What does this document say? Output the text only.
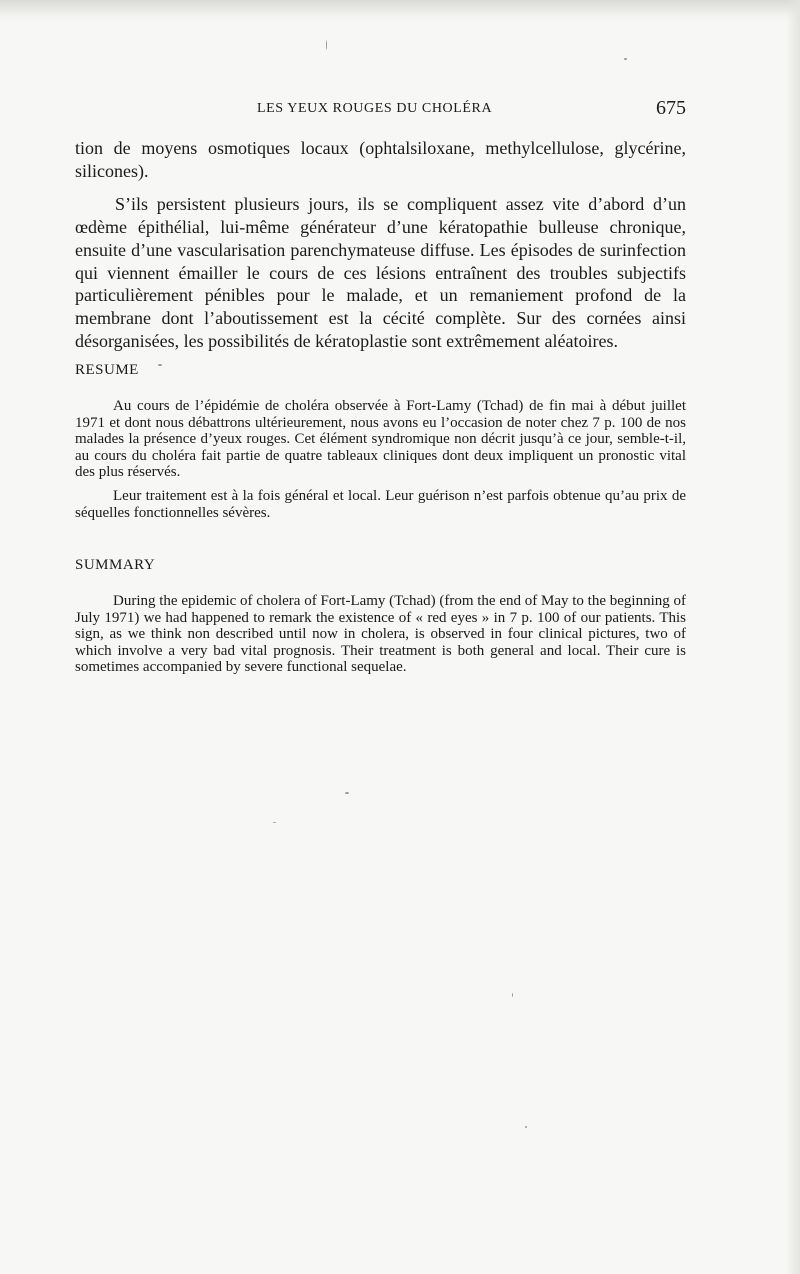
LES YEUX ROUGES DU CHOLÉRA	675

tion de moyens osmotiques locaux (ophtalsiloxane, methylcellulose, glycérine, silicones).

S’ils persistent plusieurs jours, ils se compliquent assez vite d’abord d’un œdème épithélial, lui-même générateur d’une kératopathie bulleuse chronique, ensuite d’une vascularisation parenchymateuse diffuse. Les épisodes de surinfection qui viennent émailler le cours de ces lésions entraînent des troubles subjectifs particulièrement pénibles pour le malade, et un remaniement profond de la membrane dont l’aboutissement est la cécité complète. Sur des cornées ainsi désorganisées, les possibilités de kératoplastie sont extrêmement aléatoires.

RESUME

Au cours de l’épidémie de choléra observée à Fort-Lamy (Tchad) de fin mai à début juillet 1971 et dont nous débattrons ultérieurement, nous avons eu l’occasion de noter chez 7 p. 100 de nos malades la présence d’yeux rouges. Cet élément syndromique non décrit jusqu’à ce jour, semble-t-il, au cours du choléra fait partie de quatre tableaux cliniques dont deux impliquent un pronostic vital des plus réservés.

Leur traitement est à la fois général et local. Leur guérison n’est parfois obtenue qu’au prix de séquelles fonctionnelles sévères.

SUMMARY

During the epidemic of cholera of Fort-Lamy (Tchad) (from the end of May to the beginning of July 1971) we had happened to remark the existence of « red eyes » in 7 p. 100 of our patients. This sign, as we think non described until now in cholera, is observed in four clinical pictures, two of which involve a very bad vital prognosis. Their treatment is both general and local. Their cure is sometimes accompanied by severe functional sequelae.
